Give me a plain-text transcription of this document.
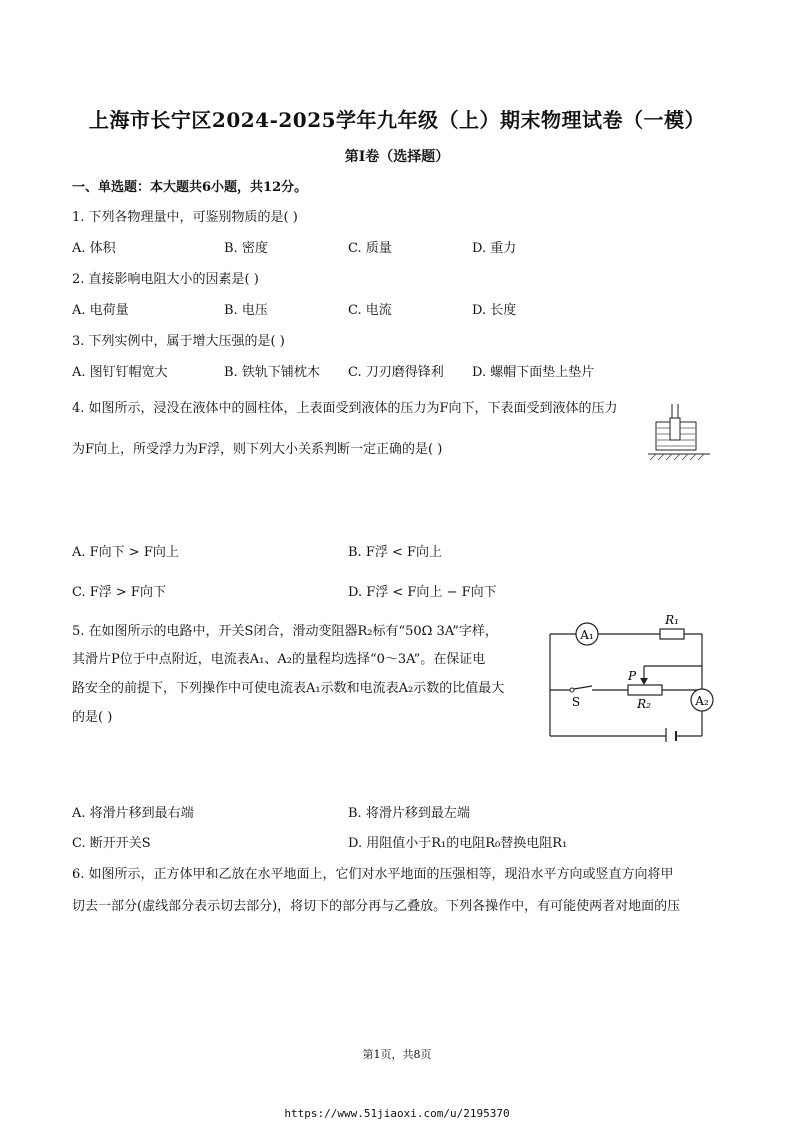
上海市长宁区2024-2025学年九年级（上）期末物理试卷（一模）
第Ⅰ卷（选择题）
一、单选题：本大题共6小题，共12分。
1. 下列各物理量中，可鉴别物质的是( )
A. 体积	B. 密度	C. 质量	D. 重力
2. 直接影响电阻大小的因素是( )
A. 电荷量	B. 电压	C. 电流	D. 长度
3. 下列实例中，属于增大压强的是( )
A. 图钉钉帽宽大	B. 铁轨下铺枕木 C. 刀刃磨得锋利 D. 螺帽下面垫上垫片
4. 如图所示，浸没在液体中的圆柱体，上表面受到液体的压力为F向下，下表面受到液体的压力
为F向上，所受浮力为F浮，则下列大小关系判断一定正确的是( )
A. F向下 > F向上	B. F浮 < F向上
C. F浮 > F向下	D. F浮 < F向上 − F向下
5. 在如图所示的电路中，开关S闭合，滑动变阻器R₂标有“50Ω 3A”字样，
其滑片P位于中点附近，电流表A₁、A₂的量程均选择“0～3A”。在保证电
路安全的前提下，下列操作中可使电流表A₁示数和电流表A₂示数的比值最大
的是( )
A₁
R₁
S
P
R₂	A₂
A. 将滑片移到最右端	B. 将滑片移到最左端
C. 断开开关S	D. 用阻值小于R₁的电阻R₀替换电阻R₁
6. 如图所示，正方体甲和乙放在水平地面上，它们对水平地面的压强相等，现沿水平方向或竖直方向将甲
切去一部分(虚线部分表示切去部分)，将切下的部分再与乙叠放。下列各操作中，有可能使两者对地面的压
第1页，共8页
https://www.51jiaoxi.com/u/2195370
